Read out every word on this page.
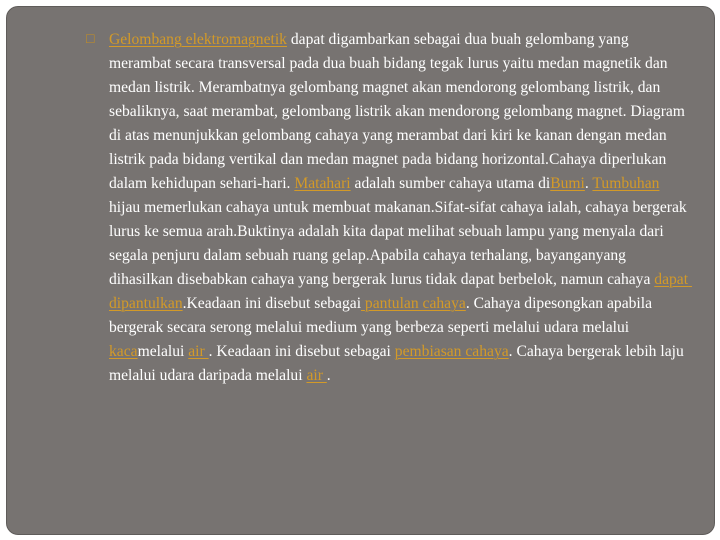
□ Gelombang elektromagnetik dapat digambarkan sebagai dua buah gelombang yang merambat secara transversal pada dua buah bidang tegak lurus yaitu medan magnetik dan medan listrik. Merambatnya gelombang magnet akan mendorong gelombang listrik, dan sebaliknya, saat merambat, gelombang listrik akan mendorong gelombang magnet. Diagram di atas menunjukkan gelombang cahaya yang merambat dari kiri ke kanan dengan medan listrik pada bidang vertikal dan medan magnet pada bidang horizontal.Cahaya diperlukan dalam kehidupan sehari-hari. Matahari adalah sumber cahaya utama diBumi. Tumbuhan hijau memerlukan cahaya untuk membuat makanan.Sifat-sifat cahaya ialah, cahaya bergerak lurus ke semua arah.Buktinya adalah kita dapat melihat sebuah lampu yang menyala dari segala penjuru dalam sebuah ruang gelap.Apabila cahaya terhalang, bayanganyang dihasilkan disebabkan cahaya yang bergerak lurus tidak dapat berbelok, namun cahaya dapat dipantulkan.Keadaan ini disebut sebagai pantulan cahaya. Cahaya dipesongkan apabila bergerak secara serong melalui medium yang berbeza seperti melalui udara melalui kacamelalui air . Keadaan ini disebut sebagai pembiasan cahaya. Cahaya bergerak lebih laju melalui udara daripada melalui air .
